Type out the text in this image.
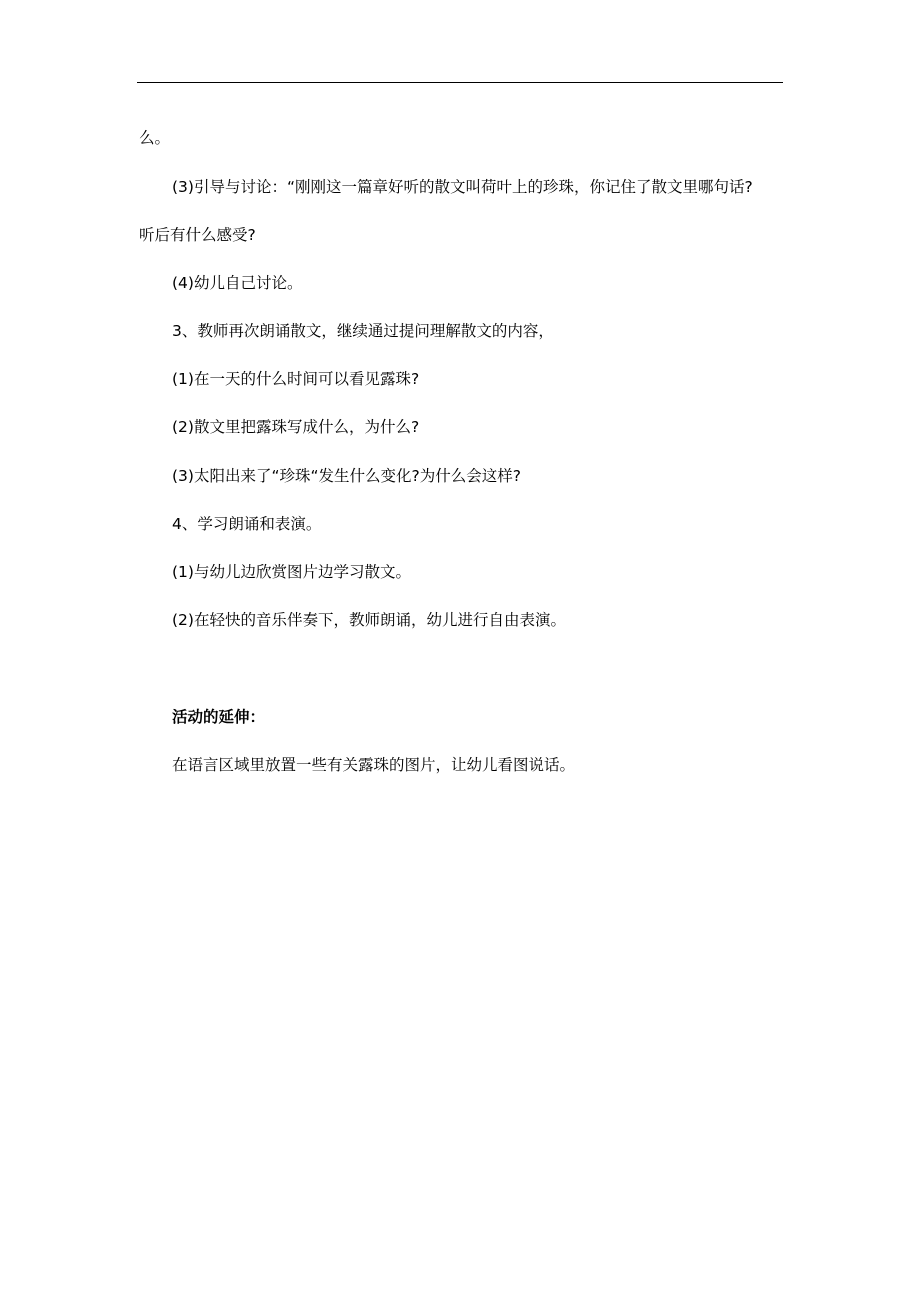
么。
(3)引导与讨论：“刚刚这一篇章好听的散文叫荷叶上的珍珠，你记住了散文里哪句话?
听后有什么感受?
(4)幼儿自己讨论。
3、教师再次朗诵散文，继续通过提问理解散文的内容，
(1)在一天的什么时间可以看见露珠?
(2)散文里把露珠写成什么，为什么?
(3)太阳出来了“珍珠“发生什么变化?为什么会这样?
4、学习朗诵和表演。
(1)与幼儿边欣赏图片边学习散文。
(2)在轻快的音乐伴奏下，教师朗诵，幼儿进行自由表演。
活动的延伸：
在语言区域里放置一些有关露珠的图片，让幼儿看图说话。
